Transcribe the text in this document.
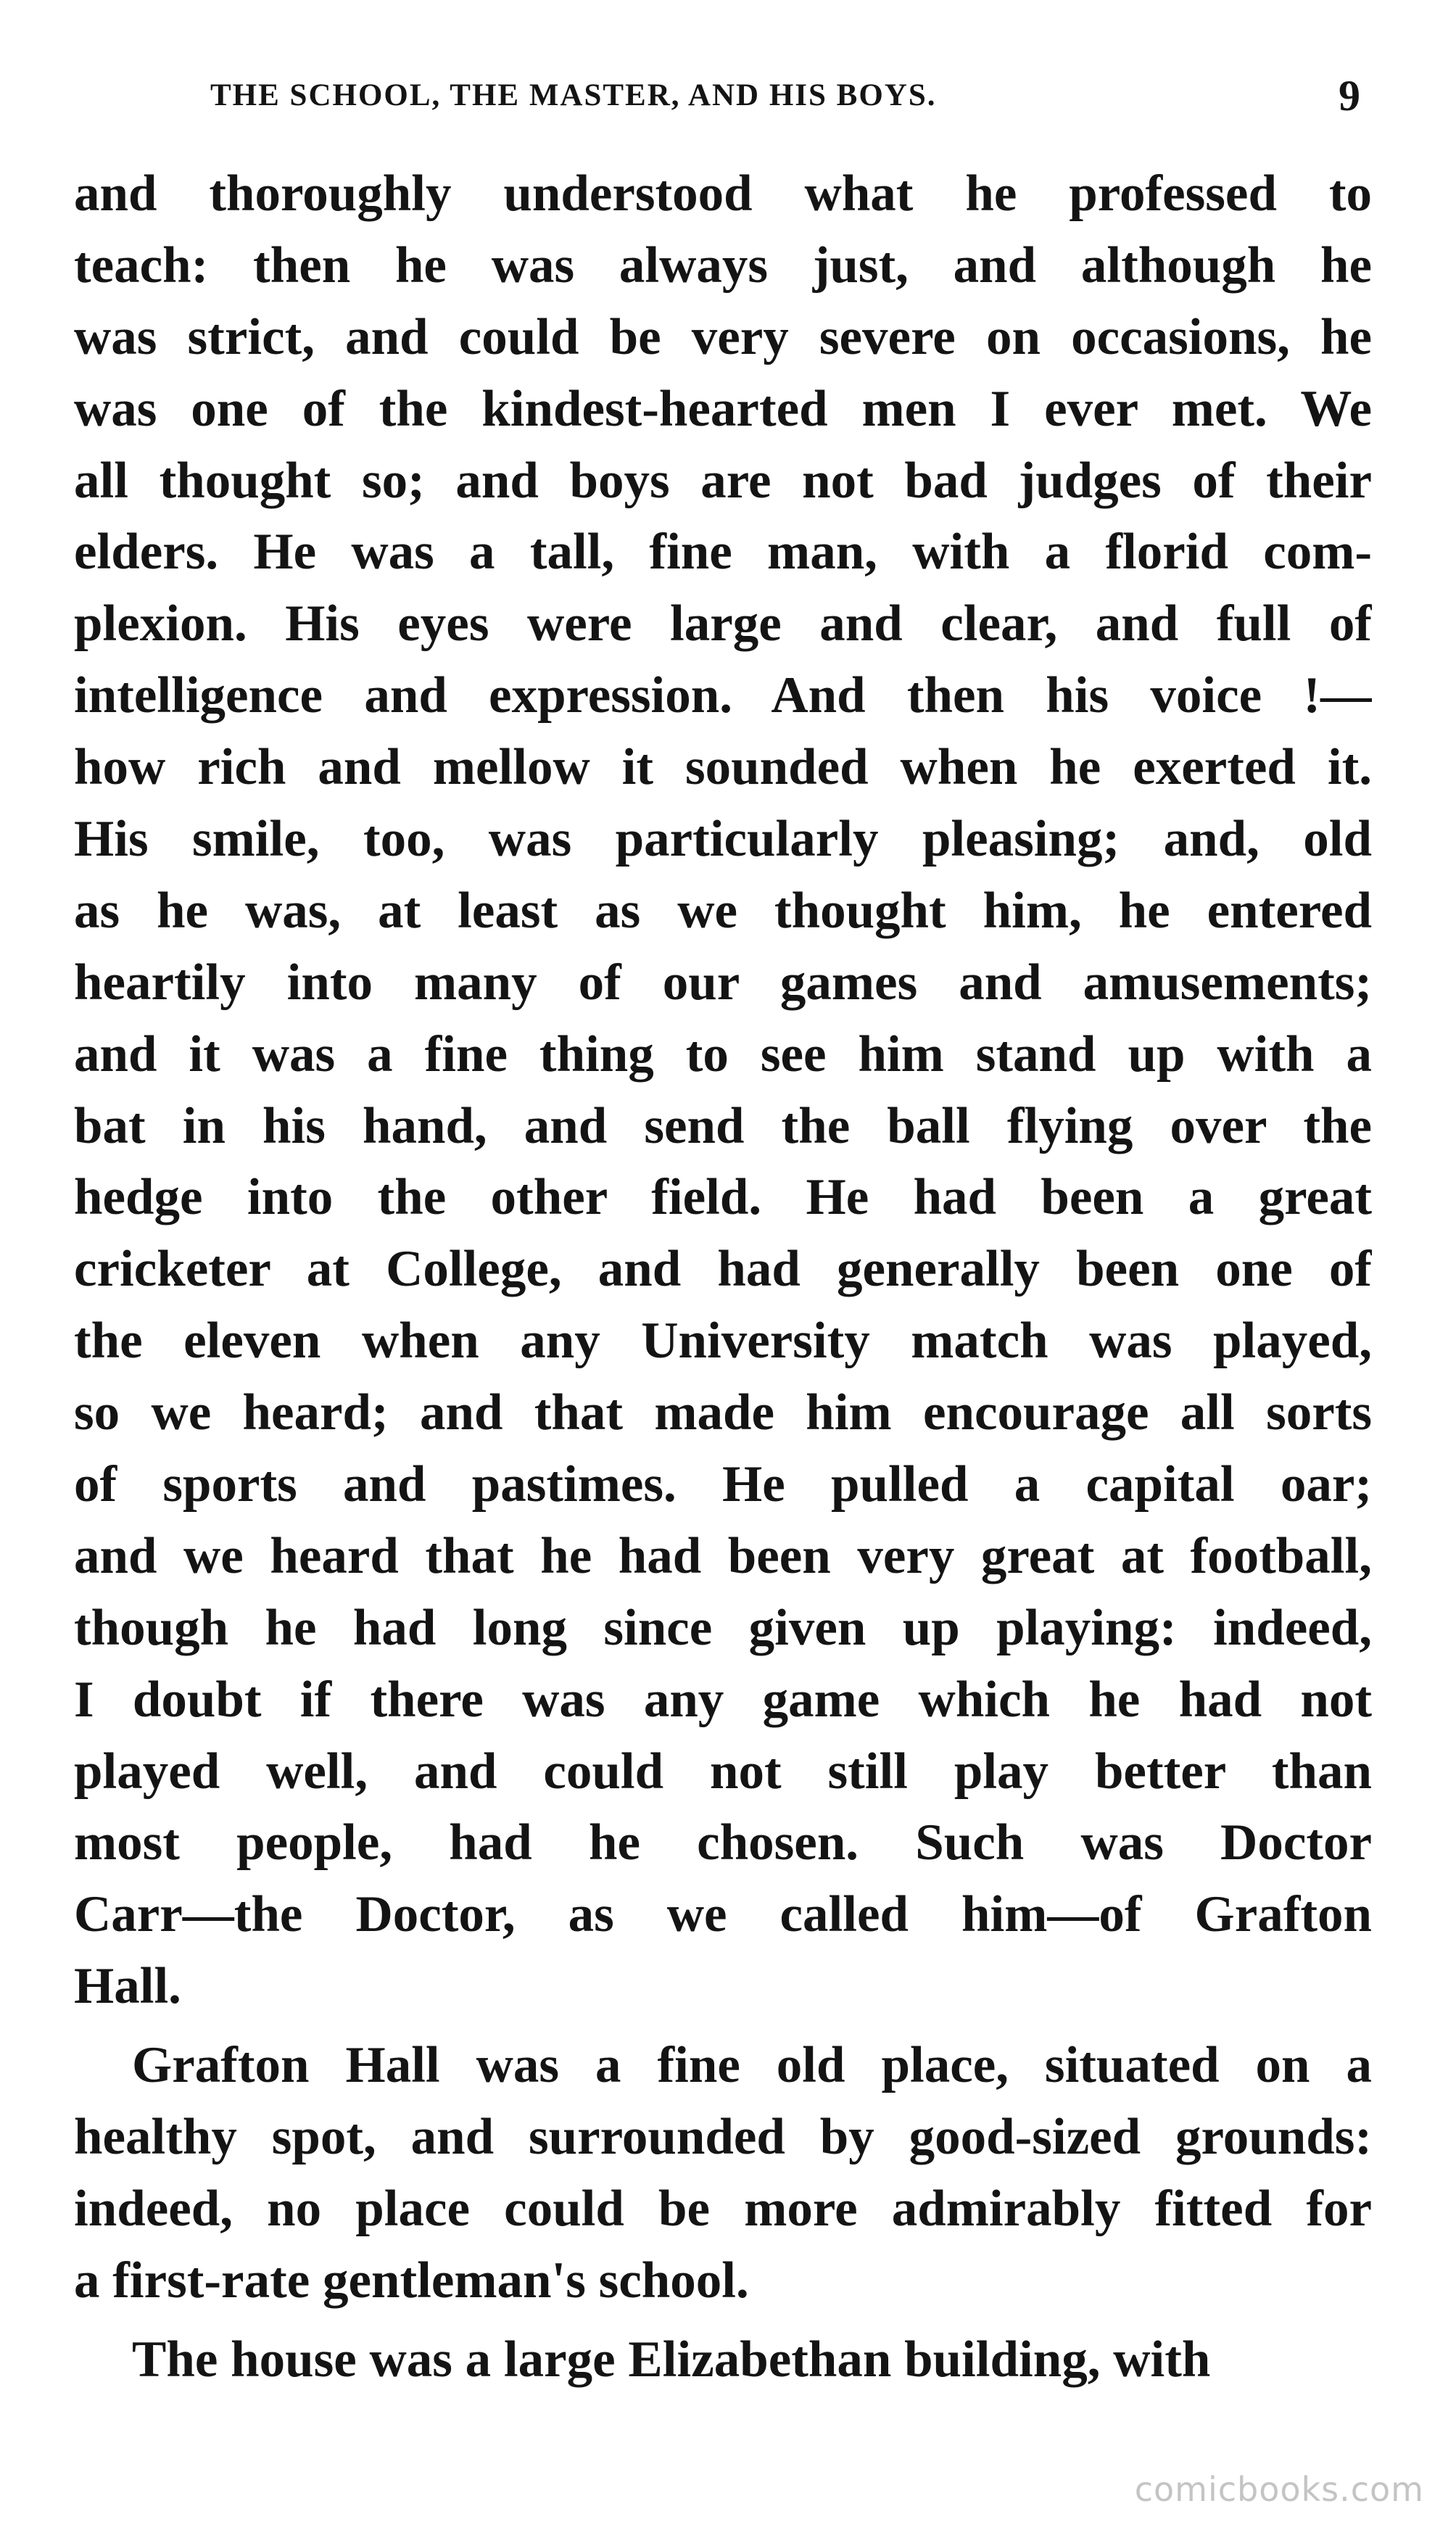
THE SCHOOL, THE MASTER, AND HIS BOYS.	9
and thoroughly understood what he professed to
teach: then he was always just, and although he
was strict, and could be very severe on occasions, he
was one of the kindest-hearted men I ever met. We
all thought so; and boys are not bad judges of their
elders. He was a tall, fine man, with a florid com-
plexion. His eyes were large and clear, and full of
intelligence and expression. And then his voice !—
how rich and mellow it sounded when he exerted it.
His smile, too, was particularly pleasing; and, old
as he was, at least as we thought him, he entered
heartily into many of our games and amusements;
and it was a fine thing to see him stand up with a
bat in his hand, and send the ball flying over the
hedge into the other field. He had been a great
cricketer at College, and had generally been one of
the eleven when any University match was played,
so we heard; and that made him encourage all sorts
of sports and pastimes. He pulled a capital oar;
and we heard that he had been very great at football,
though he had long since given up playing: indeed,
I doubt if there was any game which he had not
played well, and could not still play better than
most people, had he chosen. Such was Doctor
Carr—the Doctor, as we called him—of Grafton
Hall.
Grafton Hall was a fine old place, situated on a
healthy spot, and surrounded by good-sized grounds:
indeed, no place could be more admirably fitted for
a first-rate gentleman's school.
The house was a large Elizabethan building, with
comicbooks.com
